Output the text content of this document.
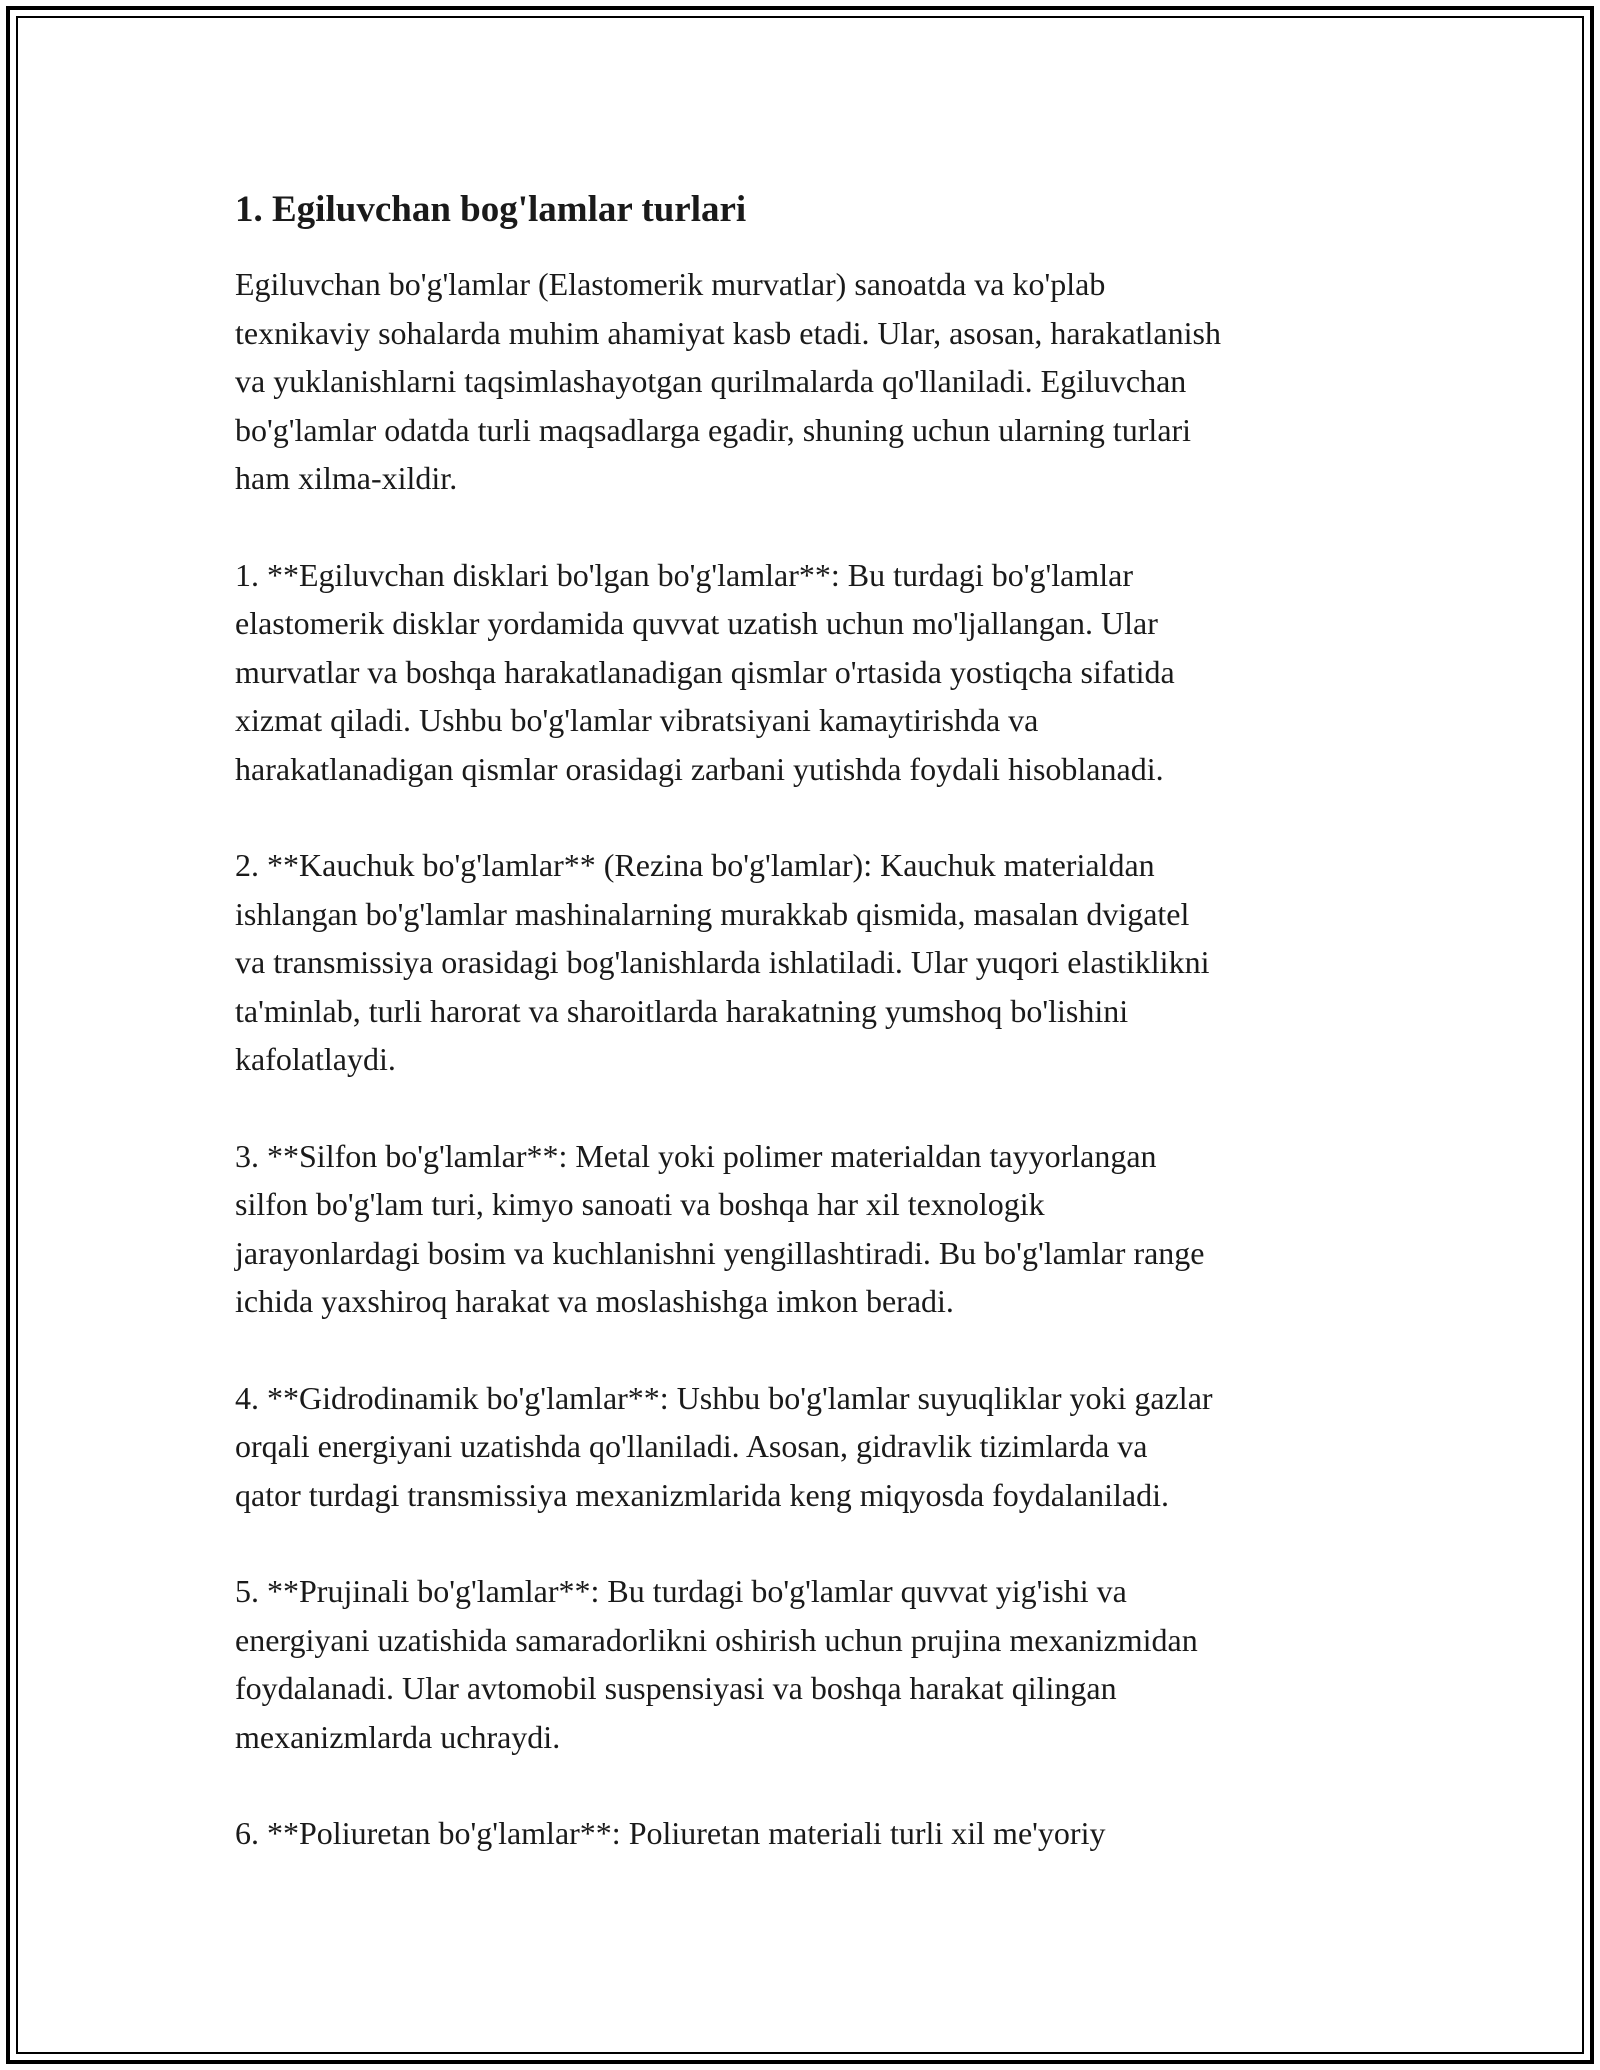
1. Egiluvchan bog'lamlar turlari

Egiluvchan bo'g'lamlar (Elastomerik murvatlar) sanoatda va ko'plab
texnikaviy sohalarda muhim ahamiyat kasb etadi. Ular, asosan, harakatlanish
va yuklanishlarni taqsimlashayotgan qurilmalarda qo'llaniladi. Egiluvchan
bo'g'lamlar odatda turli maqsadlarga egadir, shuning uchun ularning turlari
ham xilma-xildir.

1. **Egiluvchan disklari bo'lgan bo'g'lamlar**: Bu turdagi bo'g'lamlar
elastomerik disklar yordamida quvvat uzatish uchun mo'ljallangan. Ular
murvatlar va boshqa harakatlanadigan qismlar o'rtasida yostiqcha sifatida
xizmat qiladi. Ushbu bo'g'lamlar vibratsiyani kamaytirishda va
harakatlanadigan qismlar orasidagi zarbani yutishda foydali hisoblanadi.

2. **Kauchuk bo'g'lamlar** (Rezina bo'g'lamlar): Kauchuk materialdan
ishlangan bo'g'lamlar mashinalarning murakkab qismida, masalan dvigatel
va transmissiya orasidagi bog'lanishlarda ishlatiladi. Ular yuqori elastiklikni
ta'minlab, turli harorat va sharoitlarda harakatning yumshoq bo'lishini
kafolatlaydi.

3. **Silfon bo'g'lamlar**: Metal yoki polimer materialdan tayyorlangan
silfon bo'g'lam turi, kimyo sanoati va boshqa har xil texnologik
jarayonlardagi bosim va kuchlanishni yengillashtiradi. Bu bo'g'lamlar range
ichida yaxshiroq harakat va moslashishga imkon beradi.

4. **Gidrodinamik bo'g'lamlar**: Ushbu bo'g'lamlar suyuqliklar yoki gazlar
orqali energiyani uzatishda qo'llaniladi. Asosan, gidravlik tizimlarda va
qator turdagi transmissiya mexanizmlarida keng miqyosda foydalaniladi.

5. **Prujinali bo'g'lamlar**: Bu turdagi bo'g'lamlar quvvat yig'ishi va
energiyani uzatishida samaradorlikni oshirish uchun prujina mexanizmidan
foydalanadi. Ular avtomobil suspensiyasi va boshqa harakat qilingan
mexanizmlarda uchraydi.

6. **Poliuretan bo'g'lamlar**: Poliuretan materiali turli xil me'yoriy
